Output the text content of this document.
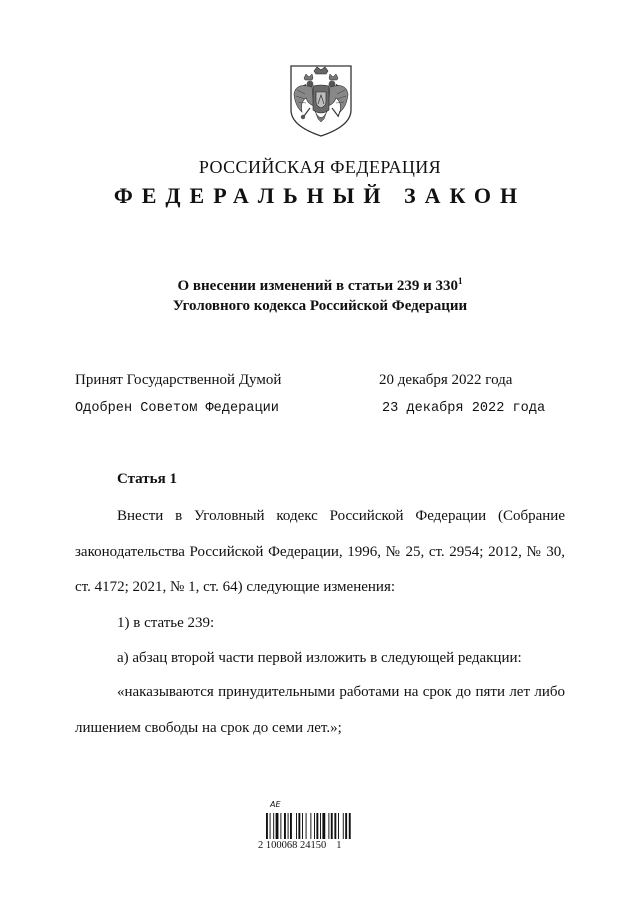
РОССИЙСКАЯ ФЕДЕРАЦИЯ
ФЕДЕРАЛЬНЫЙ ЗАКОН
О внесении изменений в статьи 239 и $330^1$
Уголовного кодекса Российской Федерации
Принят Государственной Думой	20 декабря 2022 года
Одобрен Советом Федерации	23 декабря 2022 года
Статья 1
Внести в Уголовный кодекс Российской Федерации (Собрание законодательства Российской Федерации, 1996, № 25, ст. 2954; 2012, № 30, ст. 4172; 2021, № 1, ст. 64) следующие изменения:
1) в статье 239:
а) абзац второй части первой изложить в следующей редакции:
«наказываются принудительными работами на срок до пяти лет либо лишением свободы на срок до семи лет.»;
АЕ
2 100068 24150 1
